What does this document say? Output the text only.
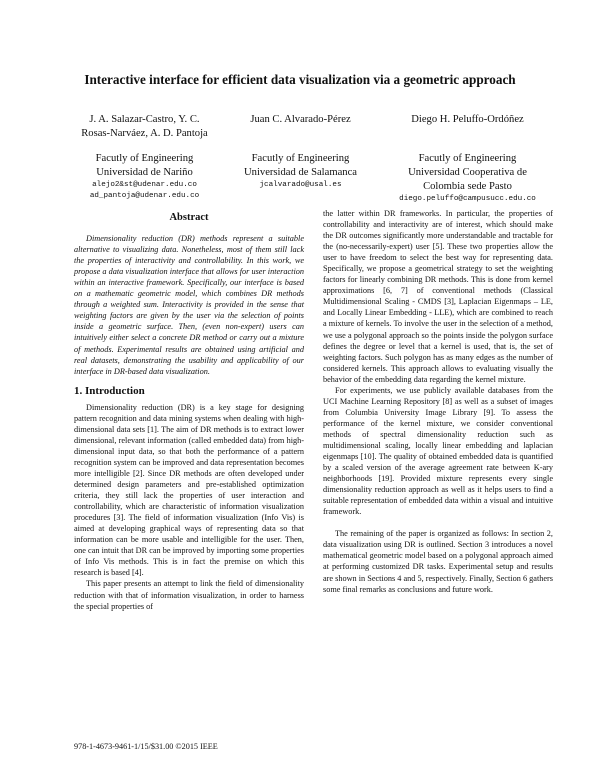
Interactive interface for efficient data visualization via a geometric approach
J. A. Salazar-Castro, Y. C.
Rosas-Narváez, A. D. Pantoja
Facutly of Engineering
Universidad de Nariño
alejo2&st@udenar.edu.co
ad_pantoja@udenar.edu.co
Juan C. Alvarado-Pérez
Facutly of Engineering
Universidad de Salamanca
jcalvarado@usal.es
Diego H. Peluffo-Ordóñez
Facutly of Engineering
Universidad Cooperativa de
Colombia sede Pasto
diego.peluffo@campusucc.edu.co
Abstract

Dimensionality reduction (DR) methods represent a suitable alternative to visualizing data. Nonetheless, most of them still lack the properties of interactivity and controllability. In this work, we propose a data visualization interface that allows for user interaction within an interactive framework. Specifically, our interface is based on a mathematic geometric model, which combines DR methods through a weighted sum. Interactivity is provided in the sense that weighting factors are given by the user via the selection of points inside a geometric surface. Then, (even non-expert) users can intuitively either select a concrete DR method or carry out a mixture of methods. Experimental results are obtained using artificial and real datasets, demonstrating the usability and applicability of our interface in DR-based data visualization.

1. Introduction

Dimensionality reduction (DR) is a key stage for designing pattern recognition and data mining systems when dealing with high-dimensional data sets [1]. The aim of DR methods is to extract lower dimensional, relevant information (called embedded data) from high-dimensional input data, so that both the performance of a pattern recognition system can be improved and data representation becomes more intelligible [2]. Since DR methods are often developed under determined design parameters and pre-established optimization criteria, they still lack the properties of user interaction and controllability, which are characteristic of information visualization procedures [3]. The field of information visualization (Info Vis) is aimed at developing graphical ways of representing data so that information can be more usable and intelligible for the user. Then, one can intuit that DR can be improved by importing some properties of Info Vis methods. This is in fact the premise on which this research is based [4].

This paper presents an attempt to link the field of dimensionality reduction with that of information visualization, in order to harness the special properties of

the latter within DR frameworks. In particular, the properties of controllability and interactivity are of interest, which should make the DR outcomes significantly more understandable and tractable for the (no-necessarily-expert) user [5]. These two properties allow the user to have freedom to select the best way for representing data. Specifically, we propose a geometrical strategy to set the weighting factors for linearly combining DR methods. This is done from kernel approximations [6, 7] of conventional methods (Classical Multidimensional Scaling - CMDS [3], Laplacian Eigenmaps – LE, and Locally Linear Embedding - LLE), which are combined to reach a mixture of kernels. To involve the user in the selection of a method, we use a polygonal approach so the points inside the polygon surface defines the degree or level that a kernel is used, that is, the set of weighting factors. Such polygon has as many edges as the number of considered kernels. This approach allows to evaluating visually the behavior of the embedding data regarding the kernel mixture.

For experiments, we use publicly available databases from the UCI Machine Learning Repository [8] as well as a subset of images from Columbia University Image Library [9]. To assess the performance of the kernel mixture, we consider conventional methods of spectral dimensionality reduction such as multidimensional scaling, locally linear embedding and laplacian eigenmaps [10]. The quality of obtained embedded data is quantified by a scaled version of the average agreement rate between K-ary neighborhoods [19]. Provided mixture represents every single dimensionality reduction approach as well as it helps users to find a suitable representation of embedded data within a visual and intuitive framework.

The remaining of the paper is organized as follows: In section 2, data visualization using DR is outlined. Section 3 introduces a novel mathematical geometric model based on a polygonal approach aimed at performing customized DR tasks. Experimental setup and results are shown in Sections 4 and 5, respectively. Finally, Section 6 gathers some final remarks as conclusions and future work.

978-1-4673-9461-1/15/$31.00 ©2015 IEEE
